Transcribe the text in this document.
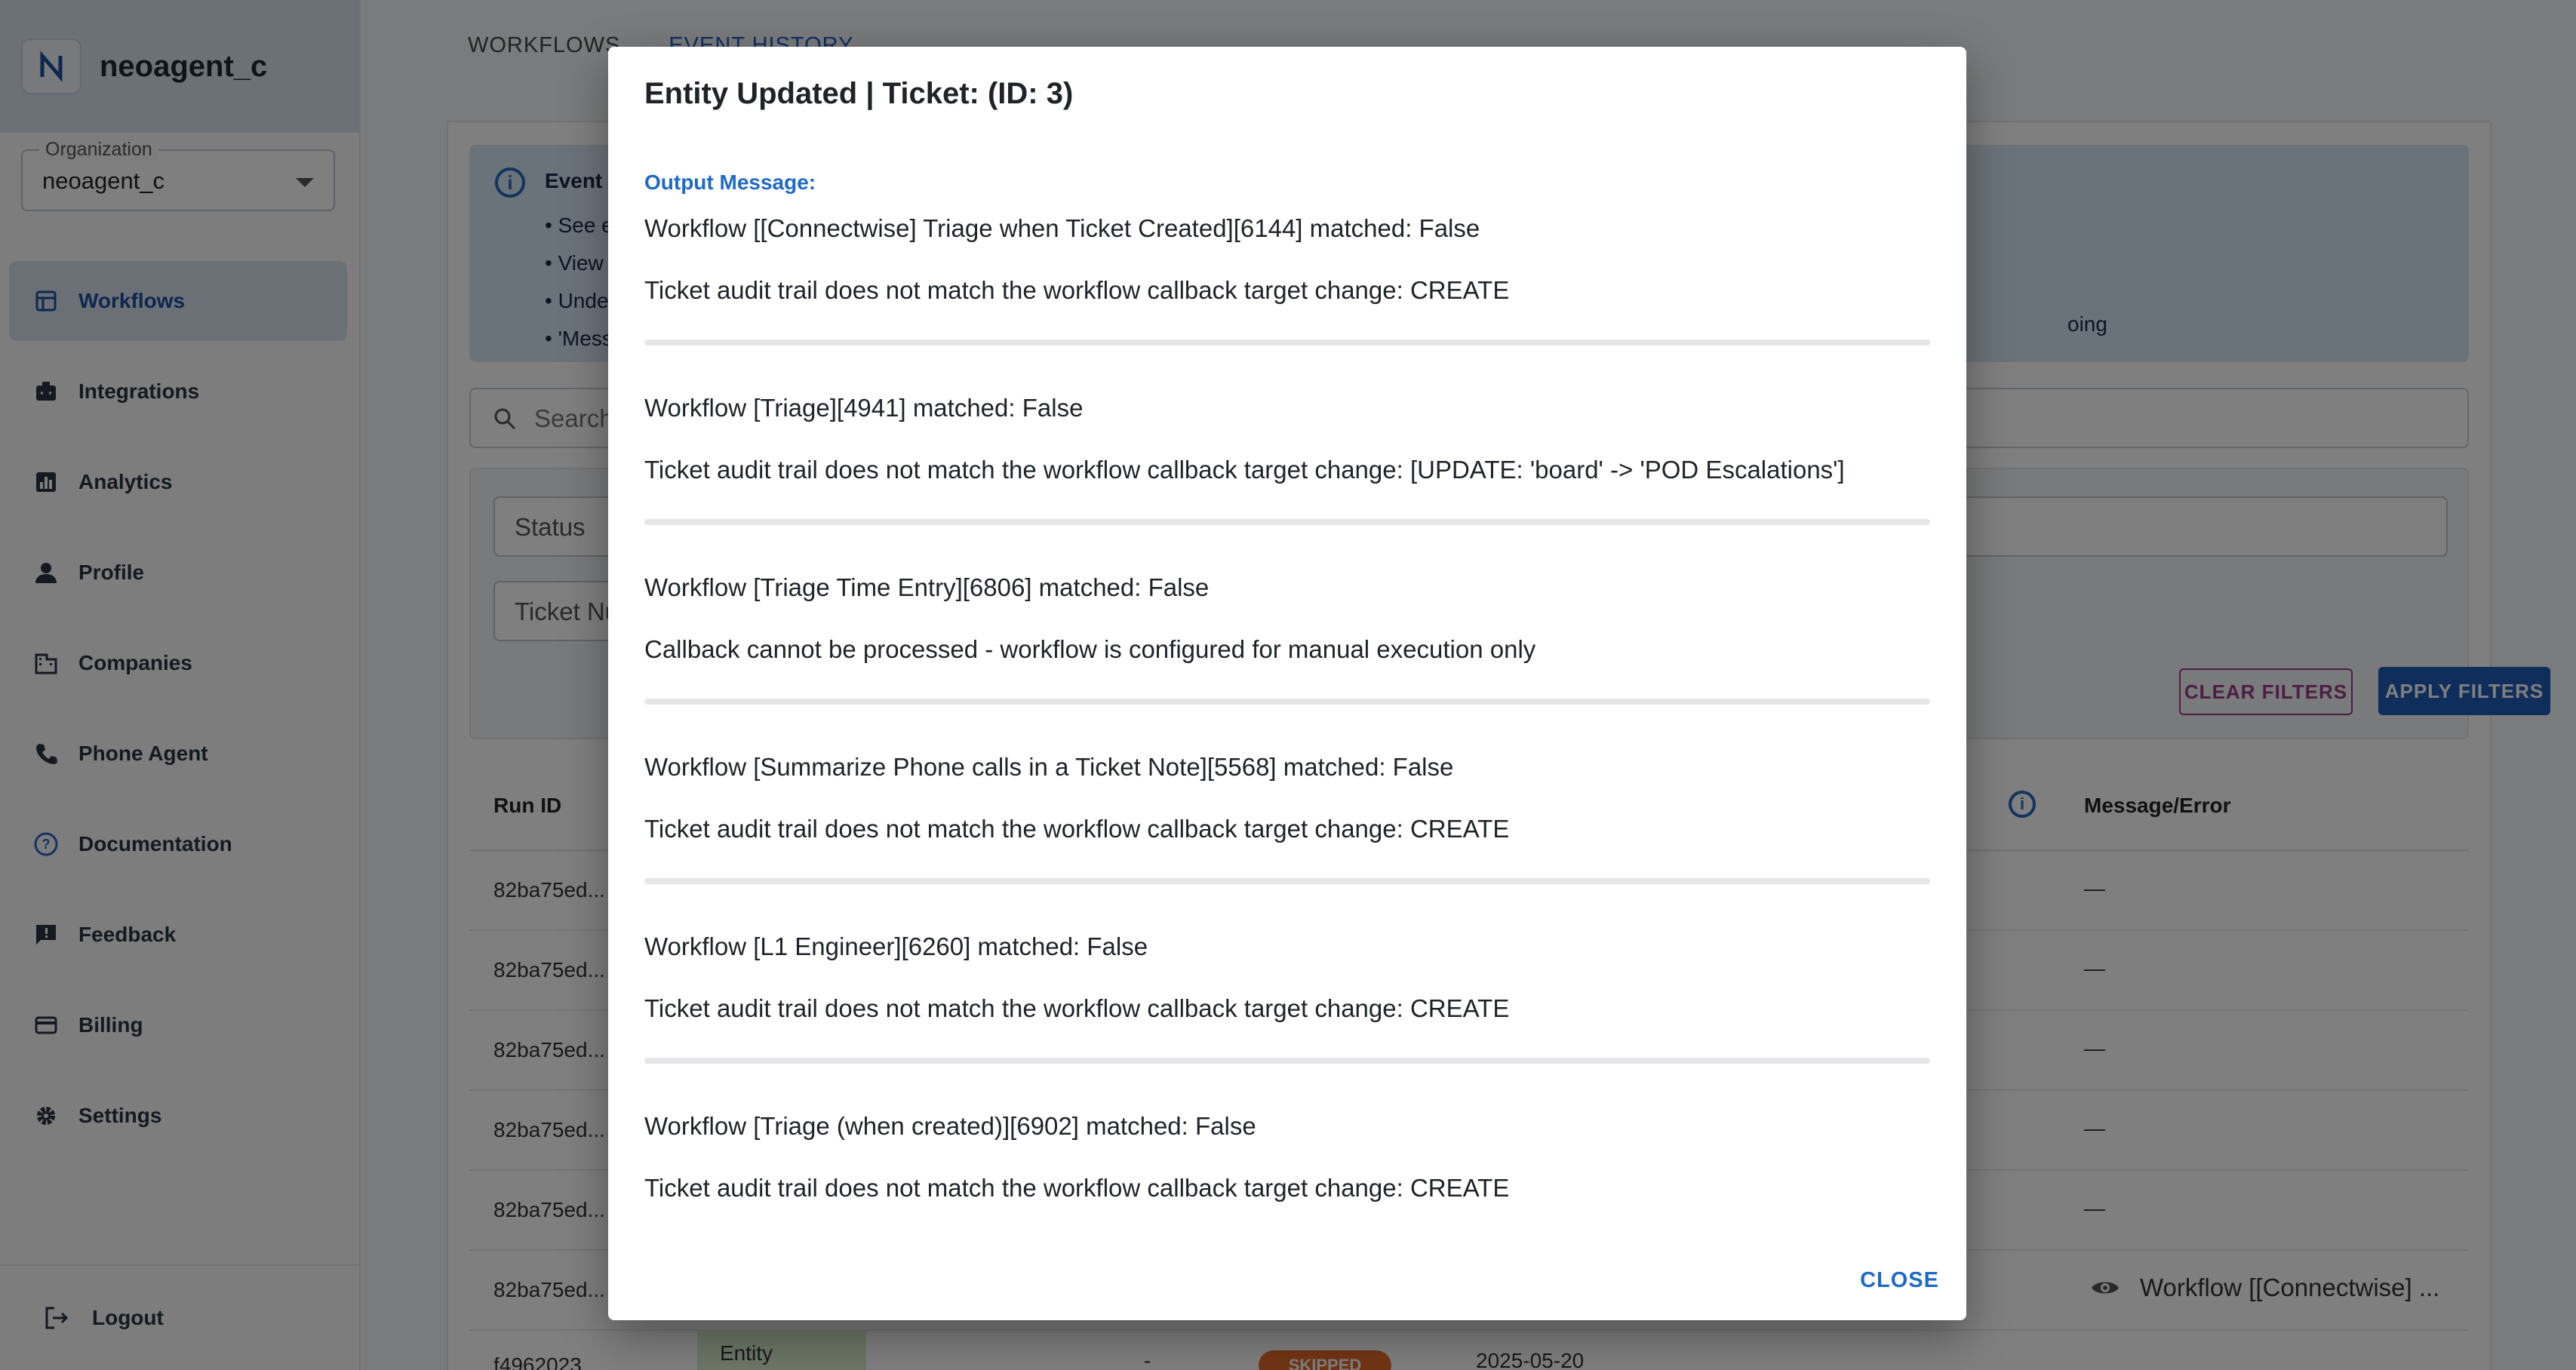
Entity Updated | Ticket: (ID: 3)
Output Message:
Workflow [[Connectwise] Triage when Ticket Created][6144] matched: False
Ticket audit trail does not match the workflow callback target change: CREATE
Workflow [Triage][4941] matched: False
Ticket audit trail does not match the workflow callback target change: [UPDATE: 'board' -> 'POD Escalations']
Workflow [Triage Time Entry][6806] matched: False
Callback cannot be processed - workflow is configured for manual execution only
Workflow [Summarize Phone calls in a Ticket Note][5568] matched: False
Ticket audit trail does not match the workflow callback target change: CREATE
Workflow [L1 Engineer][6260] matched: False
Ticket audit trail does not match the workflow callback target change: CREATE
Workflow [Triage (when created)][6902] matched: False
Ticket audit trail does not match the workflow callback target change: CREATE
CLOSE
